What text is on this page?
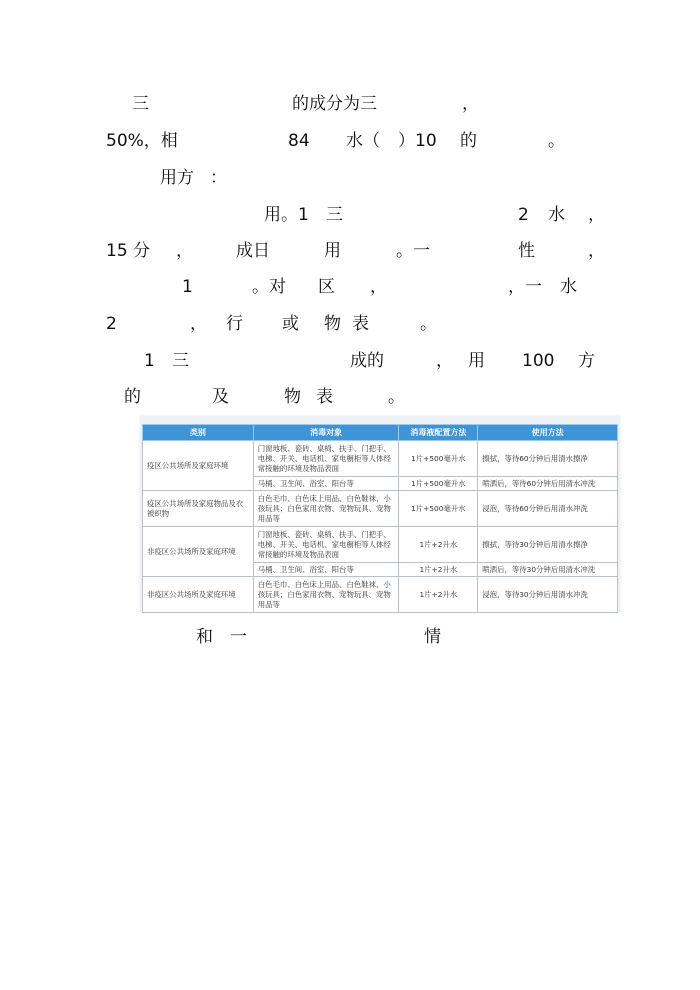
三	的成分为三	，
50%，相	84 水（ ）10 的	。
用方 ：
用。1 三	2 水 ，
15 分 ，	成日	用	。一	性	，
1	。对 区 ，	，一 水
2	， 行 或 物 表	。
1 三	成的	， 用 100 方
的	及	物 表	。
类别	消毒对象	消毒液配置方法	使用方法
疫区公共场所及家庭环境	门窗地板、瓷砖、桌椅、扶手、门把手、电梯、开关、电话机、家电橱柜等人体经常接触的环境及物品表面	1片+500毫升水	擦拭，等待60分钟后用清水擦净
	马桶、卫生间、浴室、阳台等	1片+500毫升水	喷洒后，等待60分钟后用清水冲洗
疫区公共场所及家庭物品及衣被织物	白色毛巾、白色床上用品、白色鞋袜、小孩玩具；白色家用衣物、宠物玩具、宠物用品等	1片+500毫升水	浸泡，等待60分钟后用清水冲洗
非疫区公共场所及家庭环境	门窗地板、瓷砖、桌椅、扶手、门把手、电梯、开关、电话机、家电橱柜等人体经常接触的环境及物品表面	1片+2升水	擦拭，等待30分钟后用清水擦净
	马桶、卫生间、浴室、阳台等	1片+2升水	喷洒后，等待30分钟后用清水冲洗
非疫区公共场所及家庭环境	白色毛巾、白色床上用品、白色鞋袜、小孩玩具；白色家用衣物、宠物玩具、宠物用品等	1片+2升水	浸泡，等待30分钟后用清水冲洗
和 一	情
